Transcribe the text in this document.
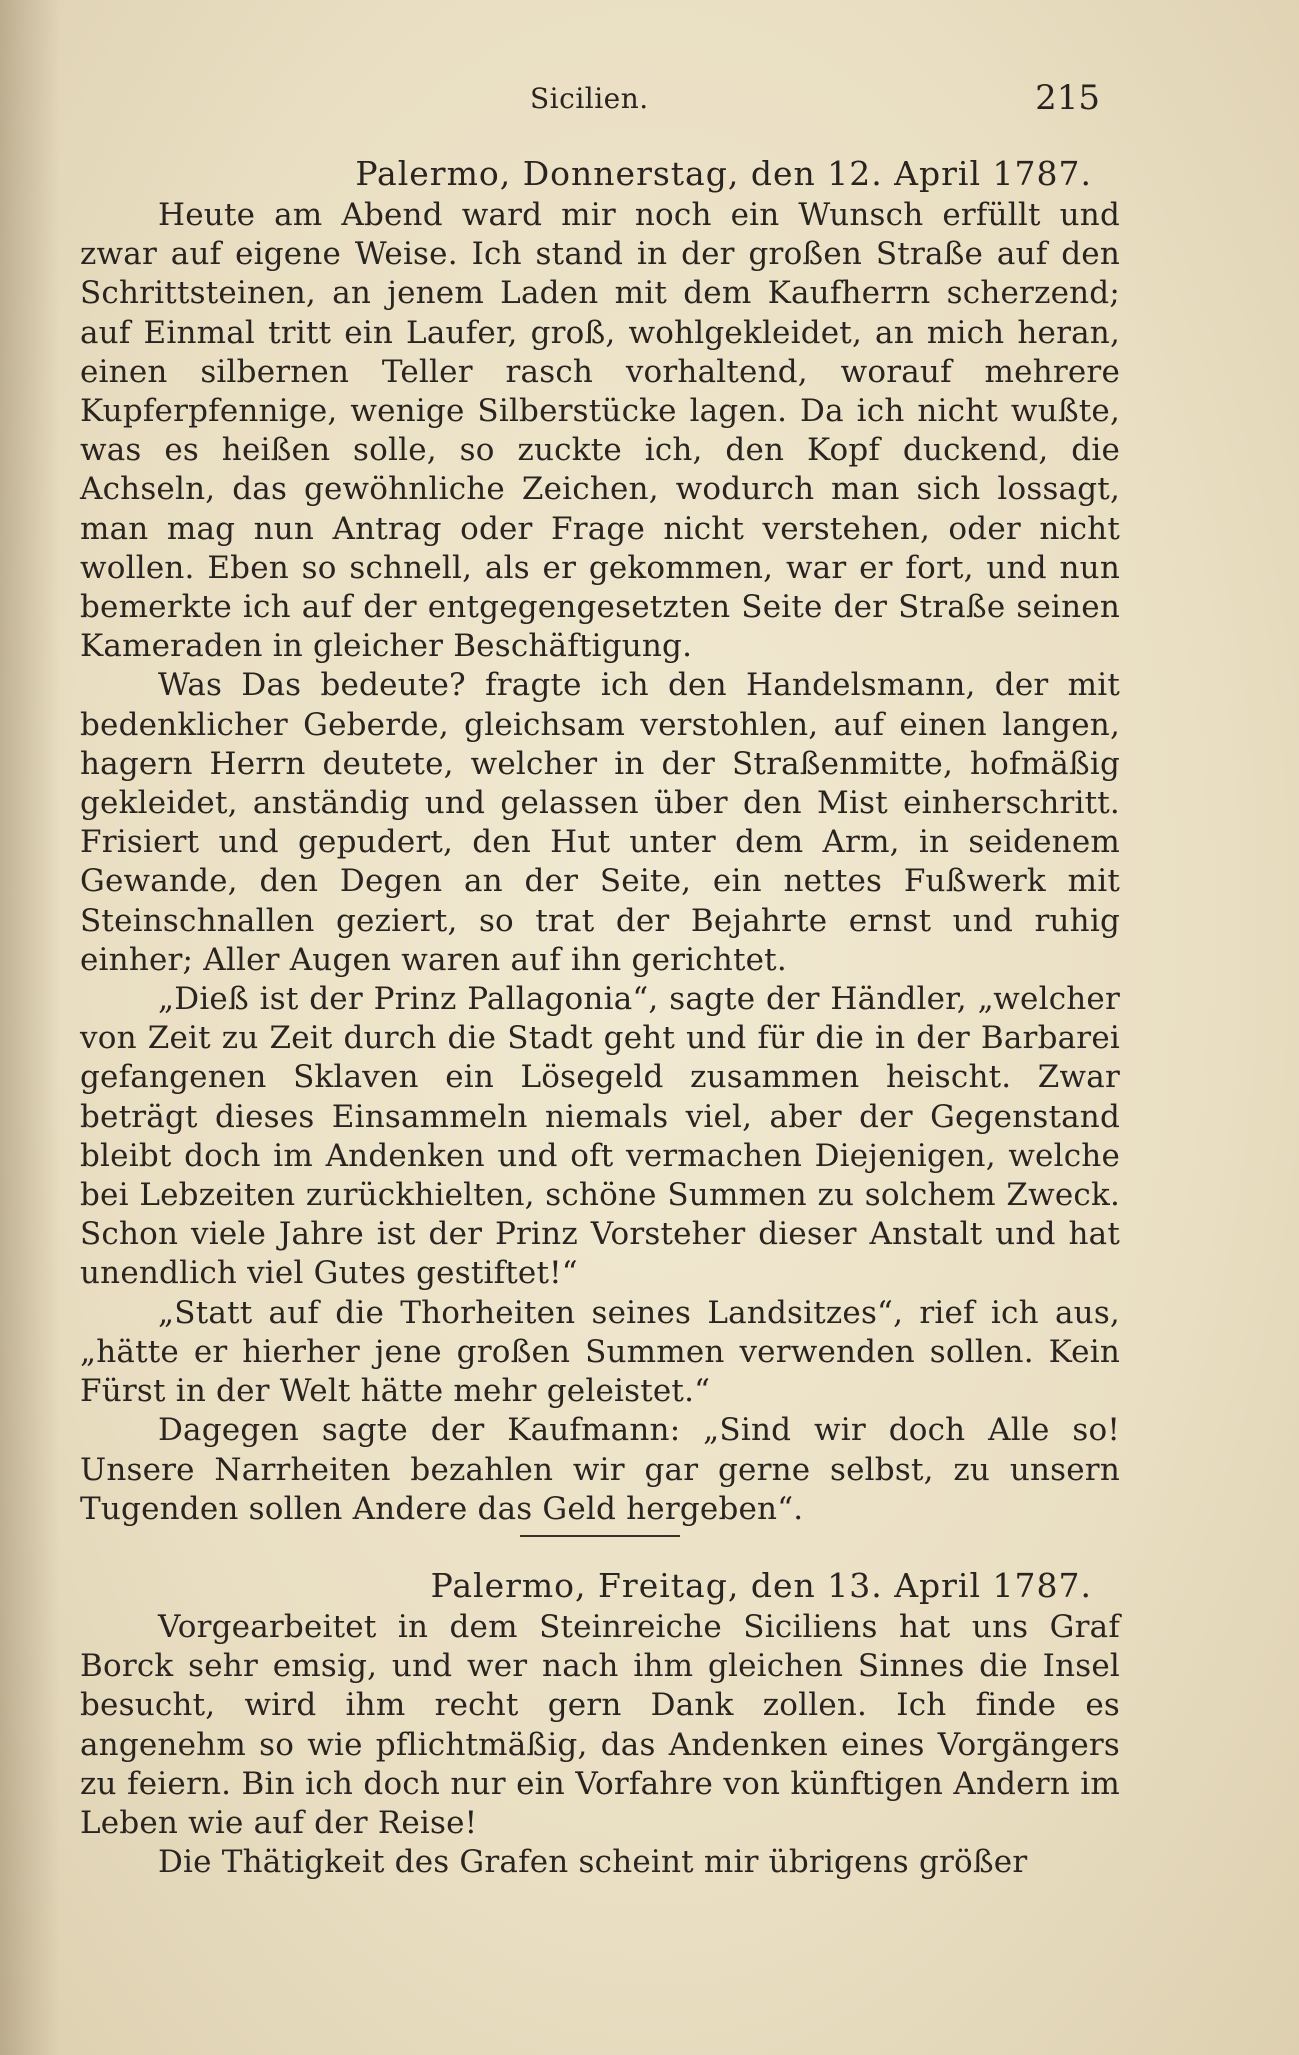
Sicilien.	215
Palermo, Donnerstag, den 12. April 1787.

Heute am Abend ward mir noch ein Wunsch erfüllt und zwar auf eigene Weise. Ich stand in der großen Straße auf den Schrittsteinen, an jenem Laden mit dem Kaufherrn scherzend; auf Einmal tritt ein Laufer, groß, wohlgekleidet, an mich heran, einen silbernen Teller rasch vorhaltend, worauf mehrere Kupferpfennige, wenige Silberstücke lagen. Da ich nicht wußte, was es heißen solle, so zuckte ich, den Kopf duckend, die Achseln, das gewöhnliche Zeichen, wodurch man sich lossagt, man mag nun Antrag oder Frage nicht verstehen, oder nicht wollen. Eben so schnell, als er gekommen, war er fort, und nun bemerkte ich auf der entgegengesetzten Seite der Straße seinen Kameraden in gleicher Beschäftigung.

Was Das bedeute? fragte ich den Handelsmann, der mit bedenklicher Geberde, gleichsam verstohlen, auf einen langen, hagern Herrn deutete, welcher in der Straßenmitte, hofmäßig gekleidet, anständig und gelassen über den Mist einherschritt. Frisiert und gepudert, den Hut unter dem Arm, in seidenem Gewande, den Degen an der Seite, ein nettes Fußwerk mit Steinschnallen geziert, so trat der Bejahrte ernst und ruhig einher; Aller Augen waren auf ihn gerichtet.

„Dieß ist der Prinz Pallagonia“, sagte der Händler, „welcher von Zeit zu Zeit durch die Stadt geht und für die in der Barbarei gefangenen Sklaven ein Lösegeld zusammen heischt. Zwar beträgt dieses Einsammeln niemals viel, aber der Gegenstand bleibt doch im Andenken und oft vermachen Diejenigen, welche bei Lebzeiten zurückhielten, schöne Summen zu solchem Zweck. Schon viele Jahre ist der Prinz Vorsteher dieser Anstalt und hat unendlich viel Gutes gestiftet!“

„Statt auf die Thorheiten seines Landsitzes“, rief ich aus, „hätte er hierher jene großen Summen verwenden sollen. Kein Fürst in der Welt hätte mehr geleistet.“

Dagegen sagte der Kaufmann: „Sind wir doch Alle so! Unsere Narrheiten bezahlen wir gar gerne selbst, zu unsern Tugenden sollen Andere das Geld hergeben“.

Palermo, Freitag, den 13. April 1787.

Vorgearbeitet in dem Steinreiche Siciliens hat uns Graf Borck sehr emsig, und wer nach ihm gleichen Sinnes die Insel besucht, wird ihm recht gern Dank zollen. Ich finde es angenehm so wie pflichtmäßig, das Andenken eines Vorgängers zu feiern. Bin ich doch nur ein Vorfahre von künftigen Andern im Leben wie auf der Reise!

Die Thätigkeit des Grafen scheint mir übrigens größer
